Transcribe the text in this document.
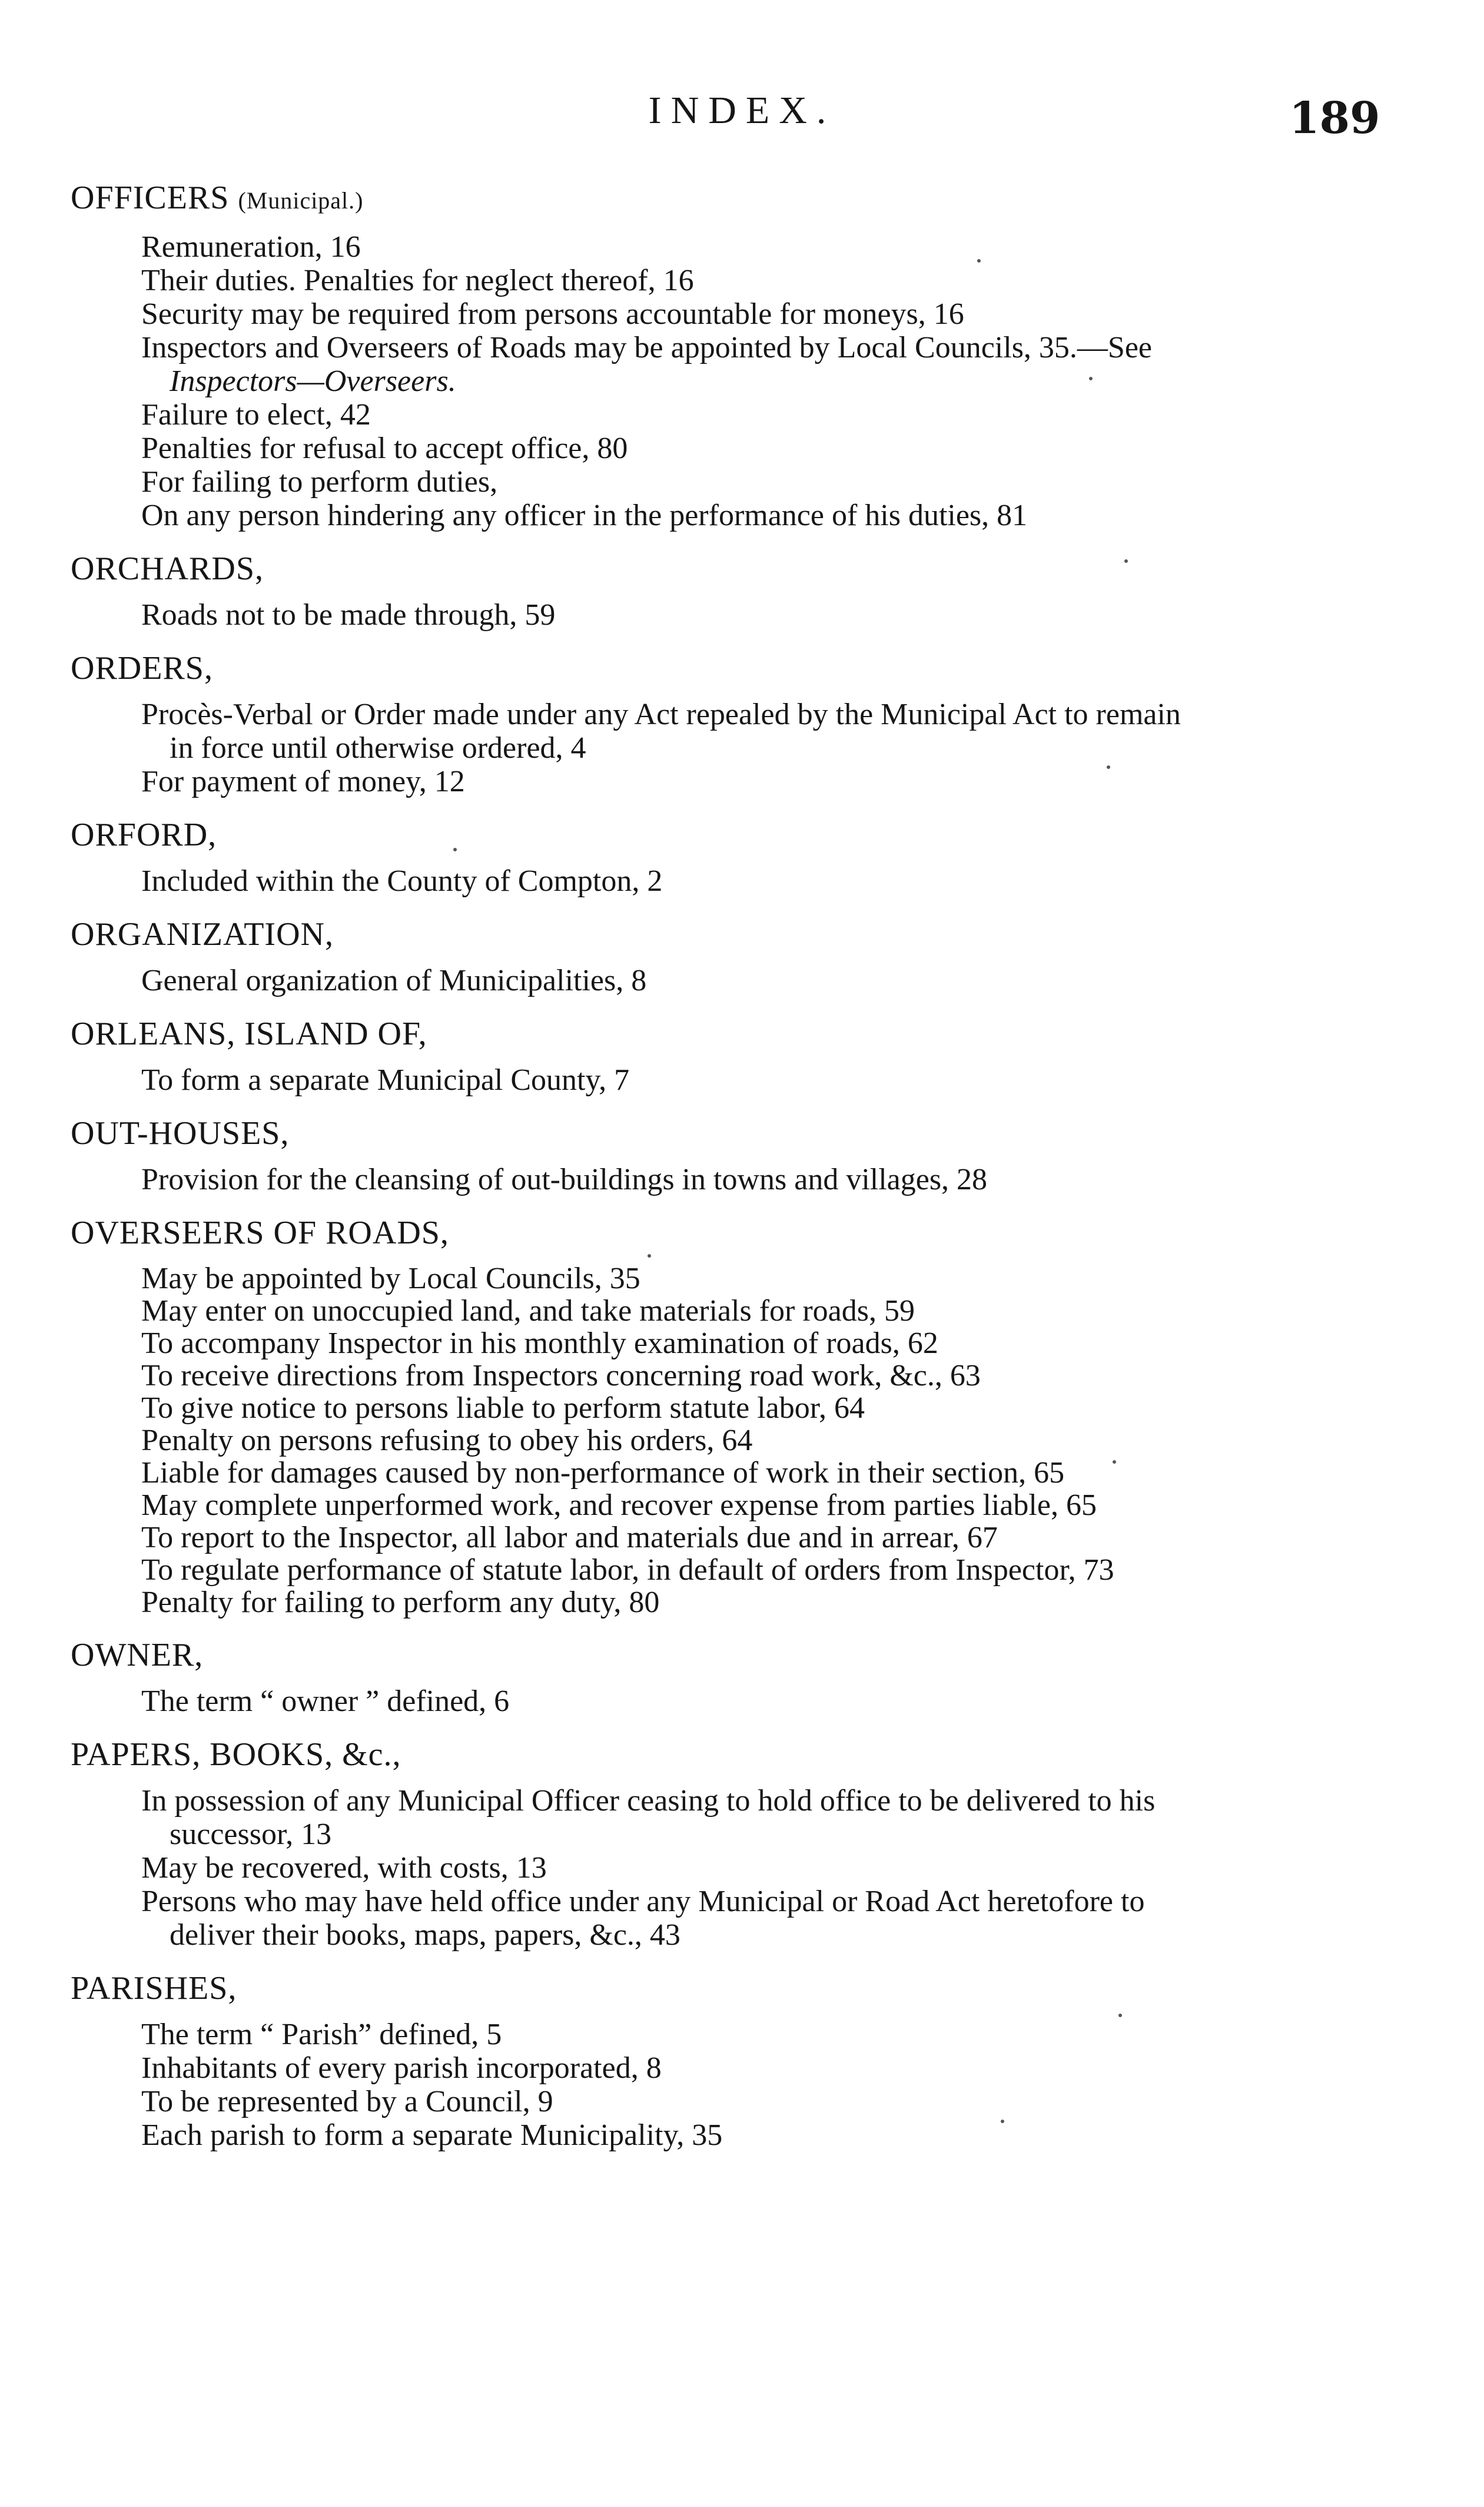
INDEX.	189
OFFICERS (Municipal.)
Remuneration, 16
Their duties. Penalties for neglect thereof, 16
Security may be required from persons accountable for moneys, 16
Inspectors and Overseers of Roads may be appointed by Local Councils, 35.—See Inspectors—Overseers.
Failure to elect, 42
Penalties for refusal to accept office, 80
For failing to perform duties,
On any person hindering any officer in the performance of his duties, 81
ORCHARDS,
Roads not to be made through, 59
ORDERS,
Procès-Verbal or Order made under any Act repealed by the Municipal Act to remain in force until otherwise ordered, 4
For payment of money, 12
ORFORD,
Included within the County of Compton, 2
ORGANIZATION,
General organization of Municipalities, 8
ORLEANS, ISLAND OF,
To form a separate Municipal County, 7
OUT-HOUSES,
Provision for the cleansing of out-buildings in towns and villages, 28
OVERSEERS OF ROADS,
May be appointed by Local Councils, 35
May enter on unoccupied land, and take materials for roads, 59
To accompany Inspector in his monthly examination of roads, 62
To receive directions from Inspectors concerning road work, &c., 63
To give notice to persons liable to perform statute labor, 64
Penalty on persons refusing to obey his orders, 64
Liable for damages caused by non-performance of work in their section, 65
May complete unperformed work, and recover expense from parties liable, 65
To report to the Inspector, all labor and materials due and in arrear, 67
To regulate performance of statute labor, in default of orders from Inspector, 73
Penalty for failing to perform any duty, 80
OWNER,
The term “ owner ” defined, 6
PAPERS, BOOKS, &c.,
In possession of any Municipal Officer ceasing to hold office to be delivered to his successor, 13
May be recovered, with costs, 13
Persons who may have held office under any Municipal or Road Act heretofore to deliver their books, maps, papers, &c., 43
PARISHES,
The term “ Parish” defined, 5
Inhabitants of every parish incorporated, 8
To be represented by a Council, 9
Each parish to form a separate Municipality, 35
